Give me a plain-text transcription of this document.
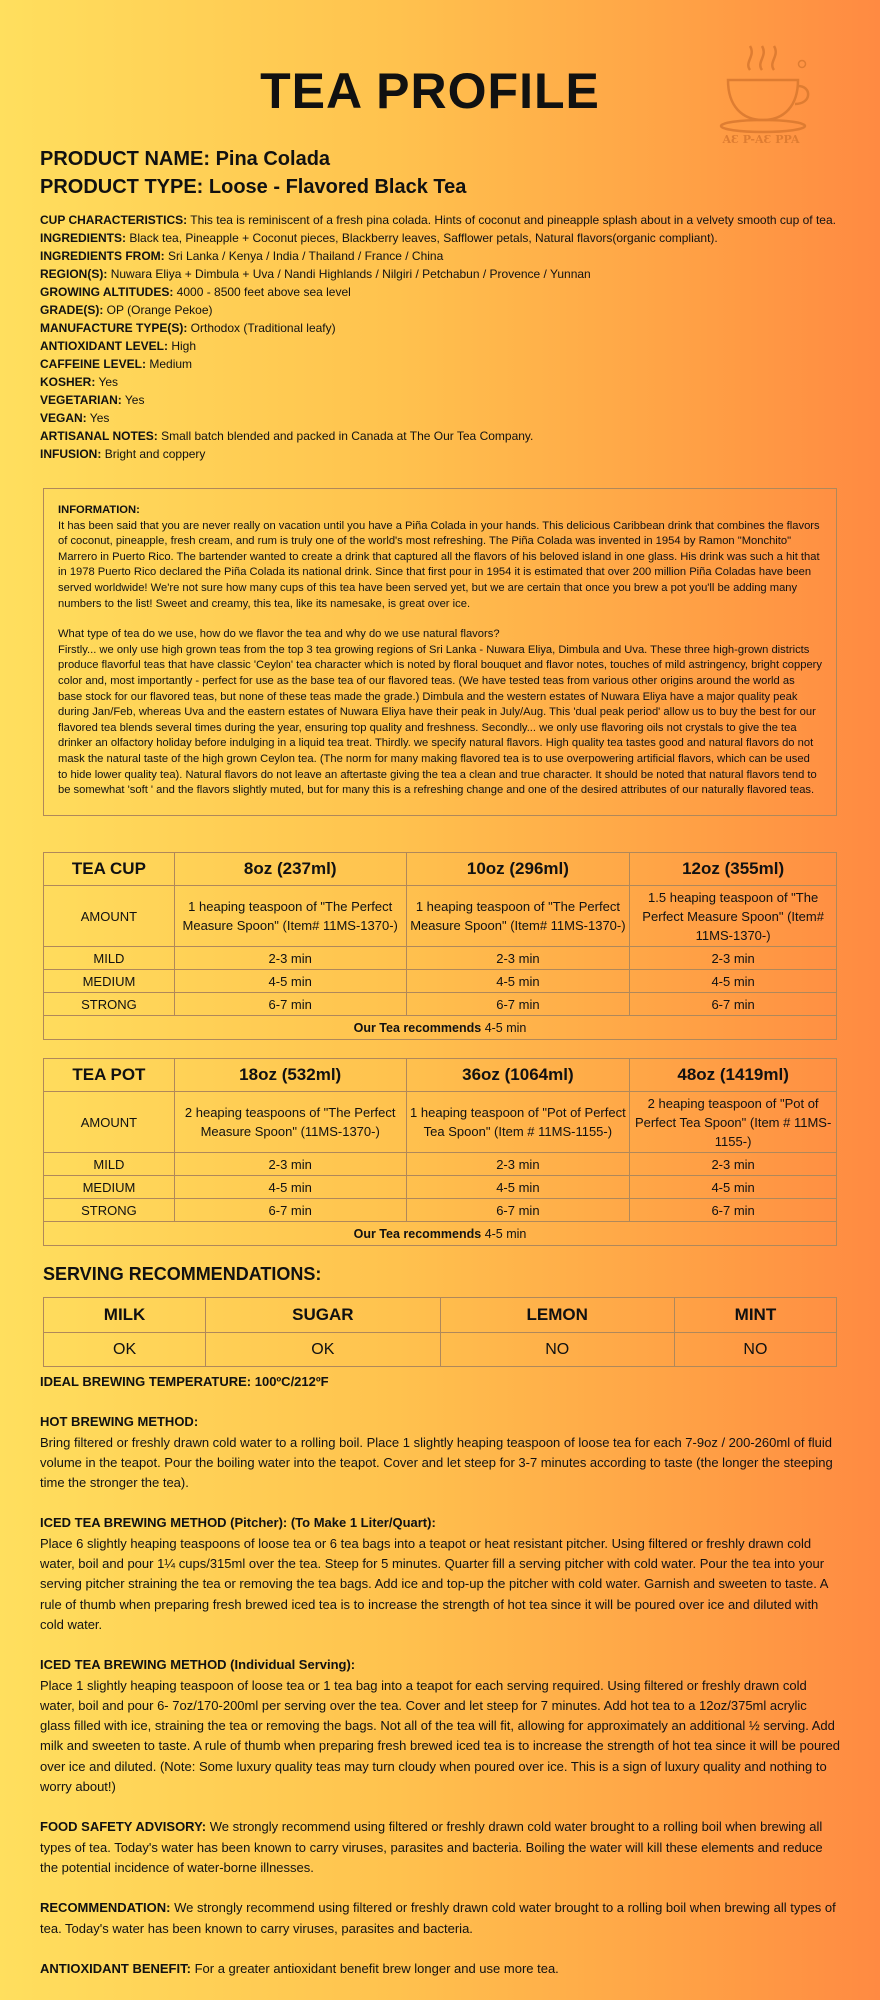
TEA PROFILE
AƐ P-AƐ PPA
PRODUCT NAME: Pina Colada
PRODUCT TYPE: Loose - Flavored Black Tea

CUP CHARACTERISTICS: This tea is reminiscent of a fresh pina colada. Hints of coconut and pineapple splash about in a velvety smooth cup of tea.

INGREDIENTS: Black tea, Pineapple + Coconut pieces, Blackberry leaves, Safflower petals, Natural flavors(organic compliant).

INGREDIENTS FROM: Sri Lanka / Kenya / India / Thailand / France / China

REGION(S): Nuwara Eliya + Dimbula + Uva / Nandi Highlands / Nilgiri / Petchabun / Provence / Yunnan

GROWING ALTITUDES: 4000 - 8500 feet above sea level

GRADE(S): OP (Orange Pekoe)

MANUFACTURE TYPE(S): Orthodox (Traditional leafy)

ANTIOXIDANT LEVEL: High

CAFFEINE LEVEL: Medium

KOSHER: Yes

VEGETARIAN: Yes

VEGAN: Yes

ARTISANAL NOTES: Small batch blended and packed in Canada at The Our Tea Company.

INFUSION: Bright and coppery

INFORMATION:

It has been said that you are never really on vacation until you have a Piña Colada in your hands. This delicious Caribbean drink that combines the flavors of coconut, pineapple, fresh cream, and rum is truly one of the world's most refreshing. The Piña Colada was invented in 1954 by Ramon "Monchito" Marrero in Puerto Rico. The bartender wanted to create a drink that captured all the flavors of his beloved island in one glass. His drink was such a hit that in 1978 Puerto Rico declared the Piña Colada its national drink. Since that first pour in 1954 it is estimated that over 200 million Piña Coladas have been served worldwide! We're not sure how many cups of this tea have been served yet, but we are certain that once you brew a pot you'll be adding many numbers to the list! Sweet and creamy, this tea, like its namesake, is great over ice.

What type of tea do we use, how do we flavor the tea and why do we use natural flavors?

Firstly... we only use high grown teas from the top 3 tea growing regions of Sri Lanka - Nuwara Eliya, Dimbula and Uva. These three high-grown districts produce flavorful teas that have classic 'Ceylon' tea character which is noted by floral bouquet and flavor notes, touches of mild astringency, bright coppery color and, most importantly - perfect for use as the base tea of our flavored teas. (We have tested teas from various other origins around the world as base stock for our flavored teas, but none of these teas made the grade.) Dimbula and the western estates of Nuwara Eliya have a major quality peak during Jan/Feb, whereas Uva and the eastern estates of Nuwara Eliya have their peak in July/Aug. This 'dual peak period' allow us to buy the best for our flavored tea blends several times during the year, ensuring top quality and freshness. Secondly... we only use flavoring oils not crystals to give the tea drinker an olfactory holiday before indulging in a liquid tea treat. Thirdly. we specify natural flavors. High quality tea tastes good and natural flavors do not mask the natural taste of the high grown Ceylon tea. (The norm for many making flavored tea is to use overpowering artificial flavors, which can be used to hide lower quality tea). Natural flavors do not leave an aftertaste giving the tea a clean and true character. It should be noted that natural flavors tend to be somewhat 'soft ' and the flavors slightly muted, but for many this is a refreshing change and one of the desired attributes of our naturally flavored teas.

TEA CUP	8oz (237ml)	10oz (296ml)	12oz (355ml)
AMOUNT	1 heaping teaspoon of "The Perfect Measure Spoon" (Item# 11MS-1370-)	1 heaping teaspoon of "The Perfect Measure Spoon" (Item# 11MS-1370-)	1.5 heaping teaspoon of "The Perfect Measure Spoon" (Item# 11MS-1370-)
MILD	2-3 min	2-3 min	2-3 min
MEDIUM	4-5 min	4-5 min	4-5 min
STRONG	6-7 min	6-7 min	6-7 min
Our Tea recommends 4-5 min			
TEA POT	18oz (532ml)	36oz (1064ml)	48oz (1419ml)
AMOUNT	2 heaping teaspoons of "The Perfect Measure Spoon" (11MS-1370-)	1 heaping teaspoon of "Pot of Perfect Tea Spoon" (Item # 11MS-1155-)	2 heaping teaspoon of "Pot of Perfect Tea Spoon" (Item # 11MS-1155-)
MILD	2-3 min	2-3 min	2-3 min
MEDIUM	4-5 min	4-5 min	4-5 min
STRONG	6-7 min	6-7 min	6-7 min
Our Tea recommends 4-5 min			
SERVING RECOMMENDATIONS:
MILK	SUGAR	LEMON	MINT
OK	OK	NO	NO

IDEAL BREWING TEMPERATURE: 100ºC/212ºF

HOT BREWING METHOD:
Bring filtered or freshly drawn cold water to a rolling boil. Place 1 slightly heaping teaspoon of loose tea for each 7-9oz / 200-260ml of fluid volume in the teapot. Pour the boiling water into the teapot. Cover and let steep for 3-7 minutes according to taste (the longer the steeping time the stronger the tea).

ICED TEA BREWING METHOD (Pitcher): (To Make 1 Liter/Quart):
Place 6 slightly heaping teaspoons of loose tea or 6 tea bags into a teapot or heat resistant pitcher. Using filtered or freshly drawn cold water, boil and pour 1¼ cups/315ml over the tea. Steep for 5 minutes. Quarter fill a serving pitcher with cold water. Pour the tea into your serving pitcher straining the tea or removing the tea bags. Add ice and top-up the pitcher with cold water. Garnish and sweeten to taste. A rule of thumb when preparing fresh brewed iced tea is to increase the strength of hot tea since it will be poured over ice and diluted with cold water.

ICED TEA BREWING METHOD (Individual Serving):
Place 1 slightly heaping teaspoon of loose tea or 1 tea bag into a teapot for each serving required. Using filtered or freshly drawn cold water, boil and pour 6- 7oz/170-200ml per serving over the tea. Cover and let steep for 7 minutes. Add hot tea to a 12oz/375ml acrylic glass filled with ice, straining the tea or removing the bags. Not all of the tea will fit, allowing for approximately an additional ½ serving. Add milk and sweeten to taste. A rule of thumb when preparing fresh brewed iced tea is to increase the strength of hot tea since it will be poured over ice and diluted. (Note: Some luxury quality teas may turn cloudy when poured over ice. This is a sign of luxury quality and nothing to worry about!)

FOOD SAFETY ADVISORY: We strongly recommend using filtered or freshly drawn cold water brought to a rolling boil when brewing all types of tea. Today's water has been known to carry viruses, parasites and bacteria. Boiling the water will kill these elements and reduce the potential incidence of water-borne illnesses.

RECOMMENDATION: We strongly recommend using filtered or freshly drawn cold water brought to a rolling boil when brewing all types of tea. Today's water has been known to carry viruses, parasites and bacteria.

ANTIOXIDANT BENEFIT: For a greater antioxidant benefit brew longer and use more tea.
